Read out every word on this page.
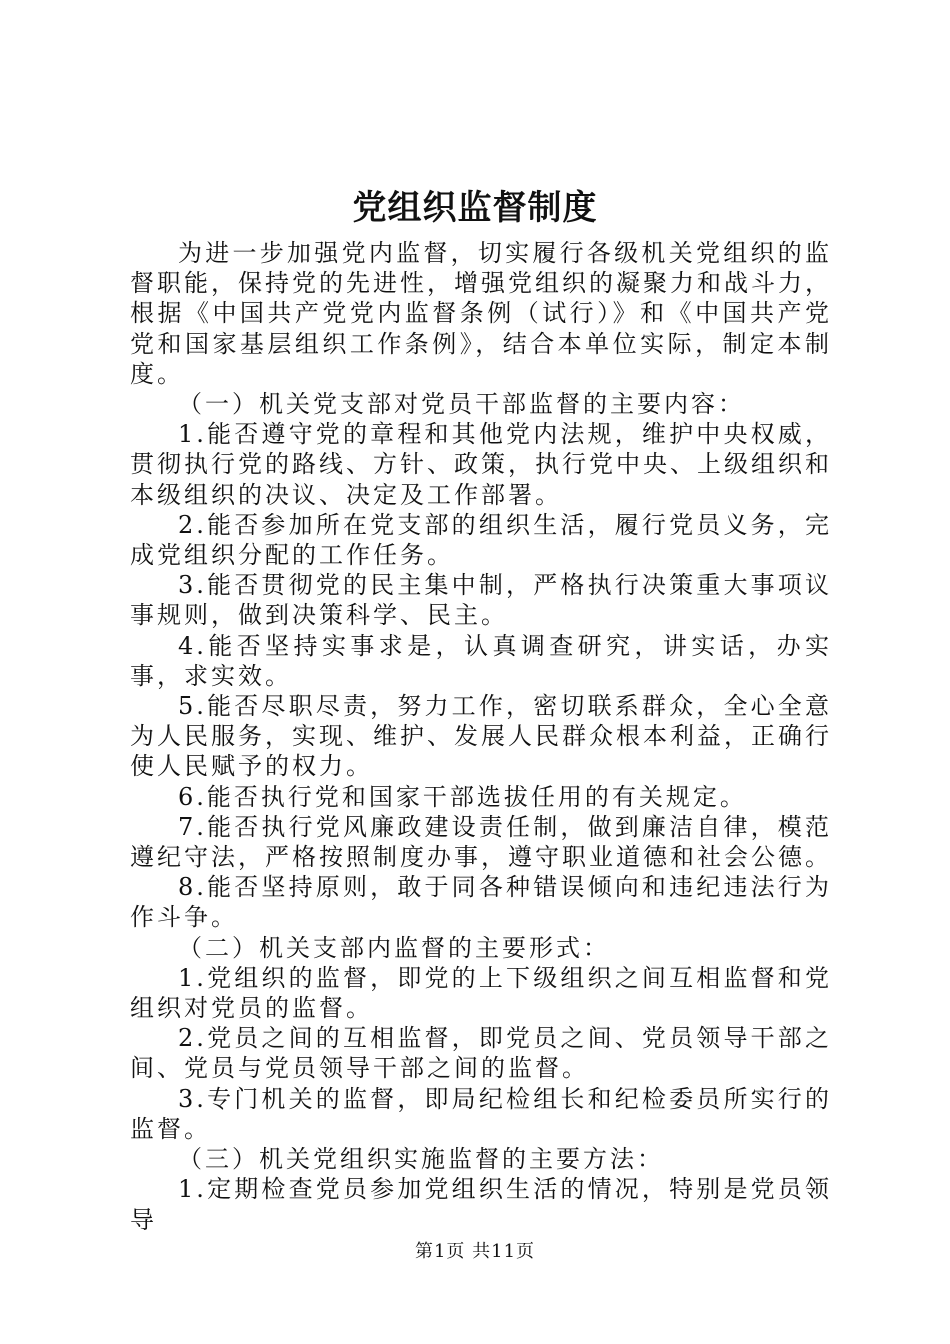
党组织监督制度

为进一步加强党内监督，切实履行各级机关党组织的监督职能，保持党的先进性，增强党组织的凝聚力和战斗力，根据《中国共产党党内监督条例（试行）》和《中国共产党党和国家基层组织工作条例》，结合本单位实际，制定本制度。

（一）机关党支部对党员干部监督的主要内容：

1.能否遵守党的章程和其他党内法规，维护中央权威，贯彻执行党的路线、方针、政策，执行党中央、上级组织和本级组织的决议、决定及工作部署。

2.能否参加所在党支部的组织生活，履行党员义务，完成党组织分配的工作任务。

3.能否贯彻党的民主集中制，严格执行决策重大事项议事规则，做到决策科学、民主。

4.能否坚持实事求是，认真调查研究，讲实话，办实事，求实效。

5.能否尽职尽责，努力工作，密切联系群众，全心全意为人民服务，实现、维护、发展人民群众根本利益，正确行使人民赋予的权力。

6.能否执行党和国家干部选拔任用的有关规定。

7.能否执行党风廉政建设责任制，做到廉洁自律，模范遵纪守法，严格按照制度办事，遵守职业道德和社会公德。

8.能否坚持原则，敢于同各种错误倾向和违纪违法行为作斗争。

（二）机关支部内监督的主要形式：

1.党组织的监督，即党的上下级组织之间互相监督和党组织对党员的监督。

2.党员之间的互相监督，即党员之间、党员领导干部之间、党员与党员领导干部之间的监督。

3.专门机关的监督，即局纪检组长和纪检委员所实行的监督。

（三）机关党组织实施监督的主要方法：

1.定期检查党员参加党组织生活的情况，特别是党员领导

第1页 共11页
